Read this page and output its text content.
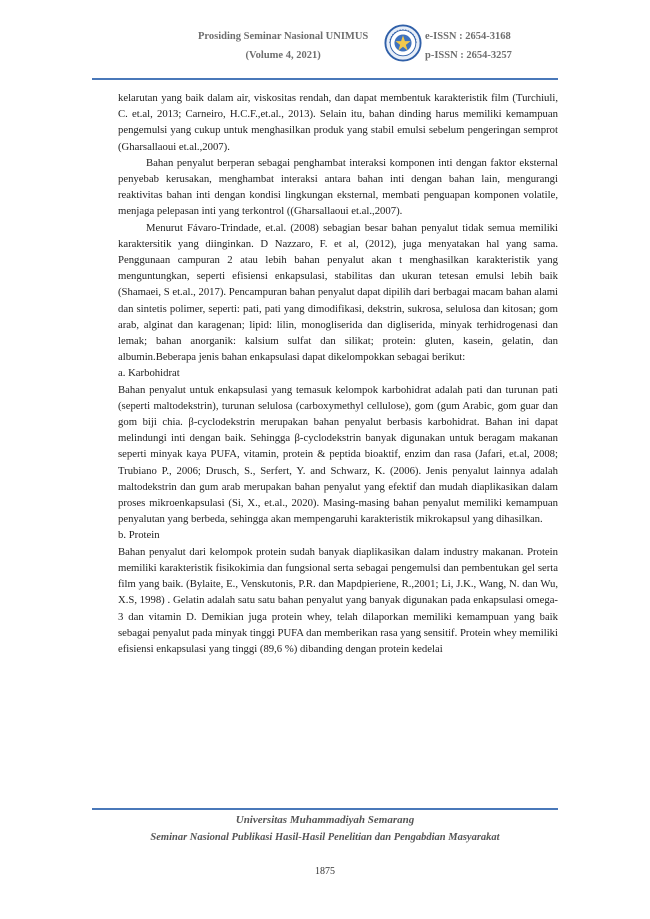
Prosiding Seminar Nasional UNIMUS
(Volume 4, 2021)
e-ISSN : 2654-3168
p-ISSN : 2654-3257

kelarutan yang baik dalam air, viskositas rendah, dan dapat membentuk karakteristik film (Turchiuli, C. et.al, 2013; Carneiro, H.C.F.,et.al., 2013). Selain itu, bahan dinding harus memiliki kemampuan pengemulsi yang cukup untuk menghasilkan produk yang stabil emulsi sebelum pengeringan semprot (Gharsallaoui et.al.,2007).

Bahan penyalut berperan sebagai penghambat interaksi komponen inti dengan faktor eksternal penyebab kerusakan, menghambat interaksi antara bahan inti dengan bahan lain, mengurangi reaktivitas bahan inti dengan kondisi lingkungan eksternal, membati penguapan komponen volatile, menjaga pelepasan inti yang terkontrol ((Gharsallaoui et.al.,2007).

Menurut Fávaro-Trindade, et.al. (2008) sebagian besar bahan penyalut tidak semua memiliki karaktersitik yang diinginkan. D Nazzaro, F. et al, (2012), juga menyatakan hal yang sama. Penggunaan campuran 2 atau lebih bahan penyalut akan t menghasilkan karakteristik yang menguntungkan, seperti efisiensi enkapsulasi, stabilitas dan ukuran tetesan emulsi lebih baik (Shamaei, S et.al., 2017). Pencampuran bahan penyalut dapat dipilih dari berbagai macam bahan alami dan sintetis polimer, seperti: pati, pati yang dimodifikasi, dekstrin, sukrosa, selulosa dan kitosan; gom arab, alginat dan karagenan; lipid: lilin, monogliserida dan digliserida, minyak terhidrogenasi dan lemak; bahan anorganik: kalsium sulfat dan silikat; protein: gluten, kasein, gelatin, dan albumin.Beberapa jenis bahan enkapsulasi dapat dikelompokkan sebagai berikut:

a. Karbohidrat

Bahan penyalut untuk enkapsulasi yang temasuk kelompok karbohidrat adalah pati dan turunan pati (seperti maltodekstrin), turunan selulosa (carboxymethyl cellulose), gom (gum Arabic, gom guar dan gom biji chia. β-cyclodekstrin merupakan bahan penyalut berbasis karbohidrat. Bahan ini dapat melindungi inti dengan baik. Sehingga β-cyclodekstrin banyak digunakan untuk beragam makanan seperti minyak kaya PUFA, vitamin, protein & peptida bioaktif, enzim dan rasa (Jafari, et.al, 2008; Trubiano P., 2006; Drusch, S., Serfert, Y. and Schwarz, K. (2006). Jenis penyalut lainnya adalah maltodekstrin dan gum arab merupakan bahan penyalut yang efektif dan mudah diaplikasikan dalam proses mikroenkapsulasi (Si, X., et.al., 2020). Masing-masing bahan penyalut memiliki kemampuan penyalutan yang berbeda, sehingga akan mempengaruhi karakteristik mikrokapsul yang dihasilkan.

b. Protein

Bahan penyalut dari kelompok protein sudah banyak diaplikasikan dalam industry makanan. Protein memiliki karakteristik fisikokimia dan fungsional serta sebagai pengemulsi dan pembentukan gel serta film yang baik. (Bylaite, E., Venskutonis, P.R. dan Mapdpieriene, R.,2001; Li, J.K., Wang, N. dan Wu, X.S, 1998) . Gelatin adalah satu satu bahan penyalut yang banyak digunakan pada enkapsulasi omega-3 dan vitamin D. Demikian juga protein whey, telah dilaporkan memiliki kemampuan yang baik sebagai penyalut pada minyak tinggi PUFA dan memberikan rasa yang sensitif. Protein whey memiliki efisiensi enkapsulasi yang tinggi (89,6 %) dibanding dengan protein kedelai

Universitas Muhammadiyah Semarang
Seminar Nasional Publikasi Hasil-Hasil Penelitian dan Pengabdian Masyarakat
1875
